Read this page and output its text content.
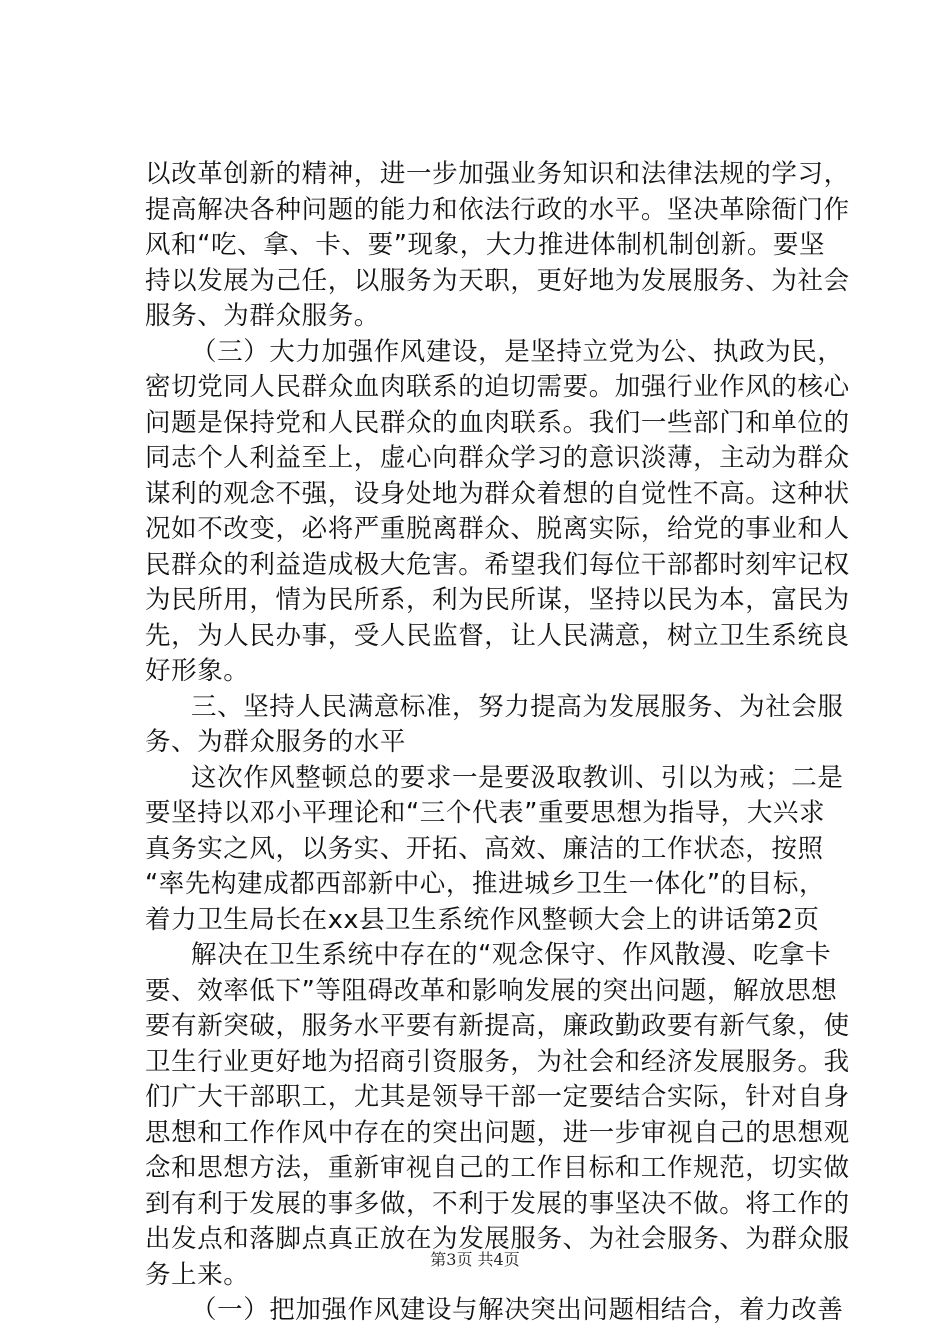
以改革创新的精神，进一步加强业务知识和法律法规的学习，
提高解决各种问题的能力和依法行政的水平。坚决革除衙门作
风和“吃、拿、卡、要”现象，大力推进体制机制创新。要坚
持以发展为己任，以服务为天职，更好地为发展服务、为社会
服务、为群众服务。
（三）大力加强作风建设，是坚持立党为公、执政为民，
密切党同人民群众血肉联系的迫切需要。加强行业作风的核心
问题是保持党和人民群众的血肉联系。我们一些部门和单位的
同志个人利益至上，虚心向群众学习的意识淡薄，主动为群众
谋利的观念不强，设身处地为群众着想的自觉性不高。这种状
况如不改变，必将严重脱离群众、脱离实际，给党的事业和人
民群众的利益造成极大危害。希望我们每位干部都时刻牢记权
为民所用，情为民所系，利为民所谋，坚持以民为本，富民为
先，为人民办事，受人民监督，让人民满意，树立卫生系统良
好形象。
三、坚持人民满意标准，努力提高为发展服务、为社会服
务、为群众服务的水平
这次作风整顿总的要求一是要汲取教训、引以为戒；二是
要坚持以邓小平理论和“三个代表”重要思想为指导，大兴求
真务实之风，以务实、开拓、高效、廉洁的工作状态，按照
“率先构建成都西部新中心，推进城乡卫生一体化”的目标，
着力卫生局长在xx县卫生系统作风整顿大会上的讲话第2页
解决在卫生系统中存在的“观念保守、作风散漫、吃拿卡
要、效率低下”等阻碍改革和影响发展的突出问题，解放思想
要有新突破，服务水平要有新提高，廉政勤政要有新气象，使
卫生行业更好地为招商引资服务，为社会和经济发展服务。我
们广大干部职工，尤其是领导干部一定要结合实际，针对自身
思想和工作作风中存在的突出问题，进一步审视自己的思想观
念和思想方法，重新审视自己的工作目标和工作规范，切实做
到有利于发展的事多做，不利于发展的事坚决不做。将工作的
出发点和落脚点真正放在为发展服务、为社会服务、为群众服
务上来。
（一）把加强作风建设与解决突出问题相结合，着力改善
第3页 共4页
